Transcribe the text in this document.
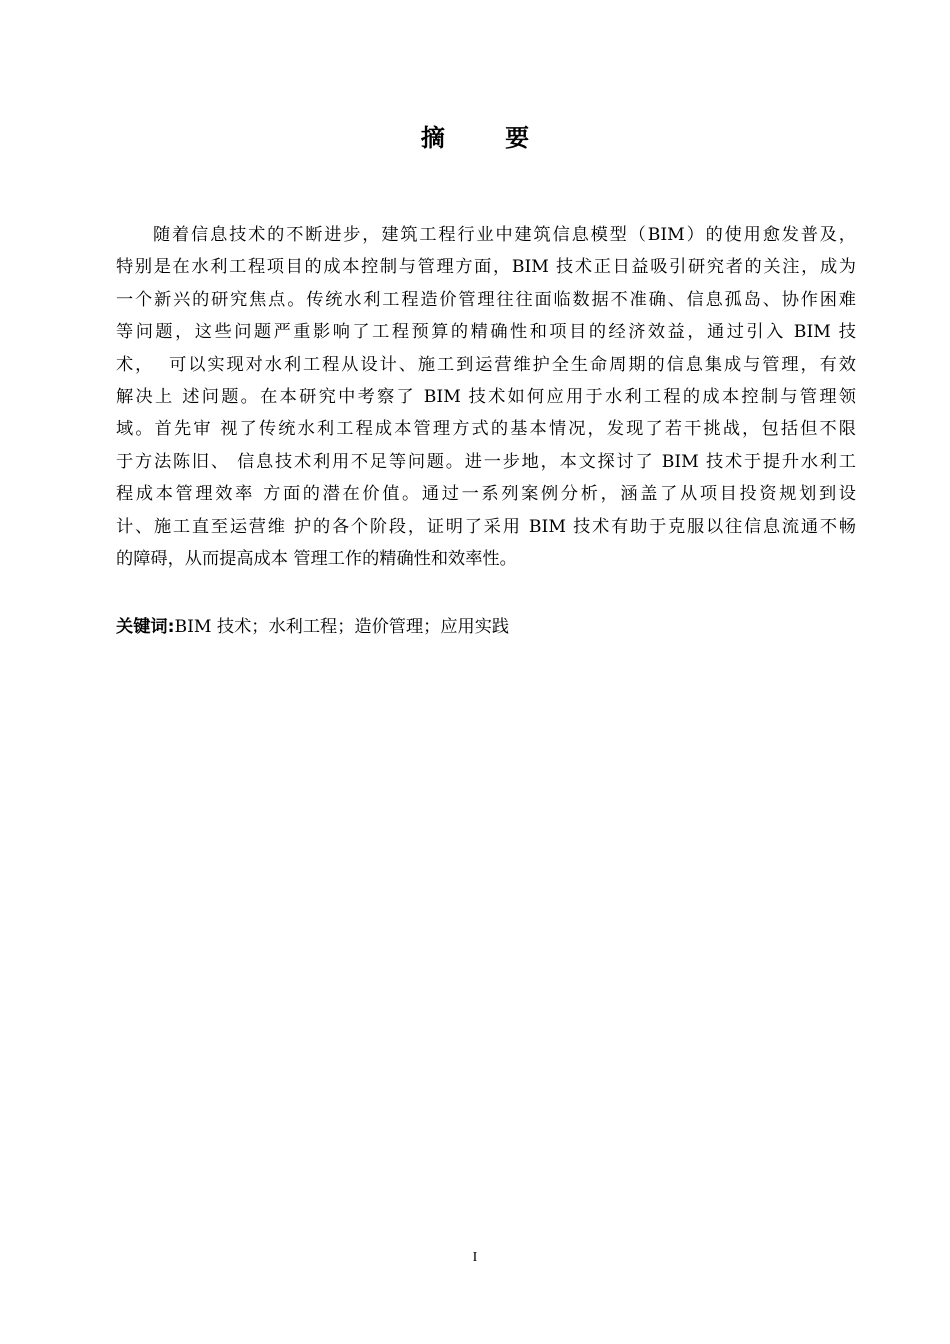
摘 要
随着信息技术的不断进步，建筑工程行业中建筑信息模型（BIM）的使用愈发普及，
特别是在水利工程项目的成本控制与管理方面，BIM 技术正日益吸引研究者的关注，成为
一个新兴的研究焦点。传统水利工程造价管理往往面临数据不准确、信息孤岛、协作困难
等问题，这些问题严重影响了工程预算的精确性和项目的经济效益，通过引入 BIM 技
术，  可以实现对水利工程从设计、施工到运营维护全生命周期的信息集成与管理，有效
解决上 述问题。在本研究中考察了 BIM 技术如何应用于水利工程的成本控制与管理领
域。首先审 视了传统水利工程成本管理方式的基本情况，发现了若干挑战，包括但不限
于方法陈旧、 信息技术利用不足等问题。进一步地，本文探讨了 BIM 技术于提升水利工
程成本管理效率 方面的潜在价值。通过一系列案例分析，涵盖了从项目投资规划到设
计、施工直至运营维 护的各个阶段，证明了采用 BIM 技术有助于克服以往信息流通不畅
的障碍，从而提高成本 管理工作的精确性和效率性。
关键词:BIM 技术；水利工程；造价管理；应用实践
I
